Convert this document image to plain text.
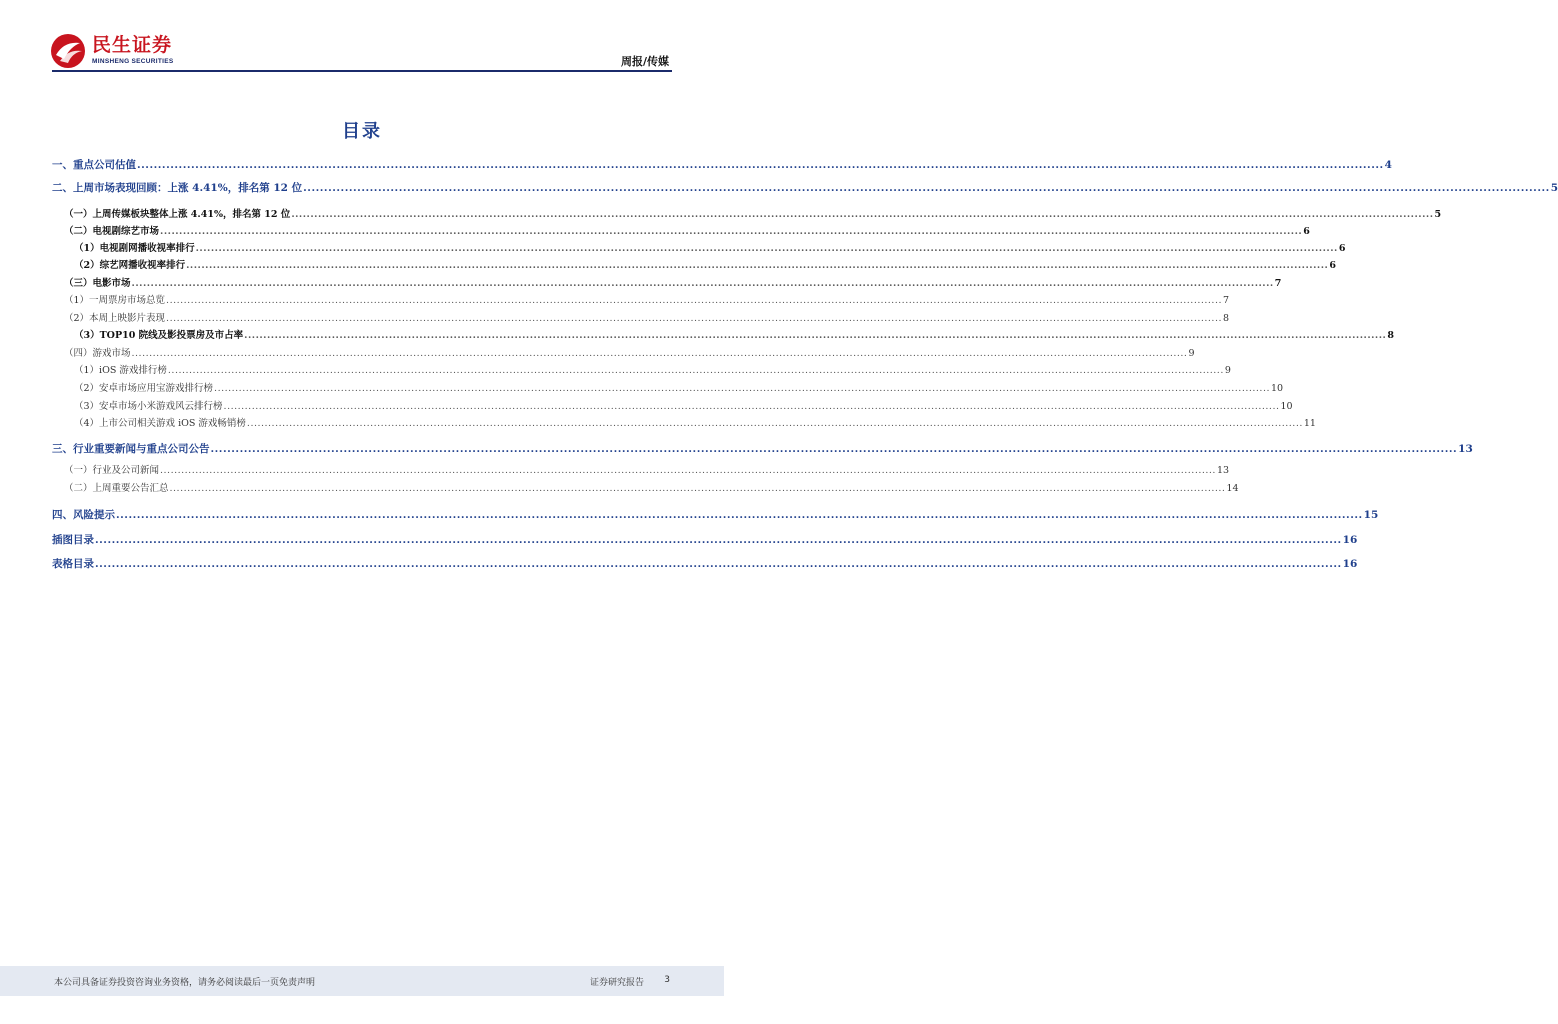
民生证券
MINSHENG SECURITIES	周报/传媒
目录
一、重点公司估值 ............................................................................................................................................................................................................................................................................................................ 4
二、上周市场表现回顾：上涨 4.41%，排名第 12 位 ............................................................................................................................................................................................................................................................................................................ 5
（一）上周传媒板块整体上涨 4.41%，排名第 12 位 ............................................................................................................................................................................................................................................................................................................ 5
（二）电视剧综艺市场 ............................................................................................................................................................................................................................................................................................................ 6
（1）电视剧网播收视率排行 ............................................................................................................................................................................................................................................................................................................ 6
（2）综艺网播收视率排行 ............................................................................................................................................................................................................................................................................................................ 6
（三）电影市场 ............................................................................................................................................................................................................................................................................................................ 7
（1）一周票房市场总览 ............................................................................................................................................................................................................................................................................................................ 7
（2）本周上映影片表现 ............................................................................................................................................................................................................................................................................................................ 8
（3）TOP10 院线及影投票房及市占率 ............................................................................................................................................................................................................................................................................................................ 8
（四）游戏市场 ............................................................................................................................................................................................................................................................................................................ 9
（1）iOS 游戏排行榜 ............................................................................................................................................................................................................................................................................................................ 9
（2）安卓市场应用宝游戏排行榜 ............................................................................................................................................................................................................................................................................................................ 10
（3）安卓市场小米游戏风云排行榜 ............................................................................................................................................................................................................................................................................................................ 10
（4）上市公司相关游戏 iOS 游戏畅销榜 ............................................................................................................................................................................................................................................................................................................ 11
三、行业重要新闻与重点公司公告 ............................................................................................................................................................................................................................................................................................................ 13
（一）行业及公司新闻 ............................................................................................................................................................................................................................................................................................................ 13
（二）上周重要公告汇总 ............................................................................................................................................................................................................................................................................................................ 14
四、风险提示 ............................................................................................................................................................................................................................................................................................................ 15
插图目录 ............................................................................................................................................................................................................................................................................................................ 16
表格目录 ............................................................................................................................................................................................................................................................................................................ 16
本公司具备证券投资咨询业务资格，请务必阅读最后一页免责声明	证券研究报告 3
